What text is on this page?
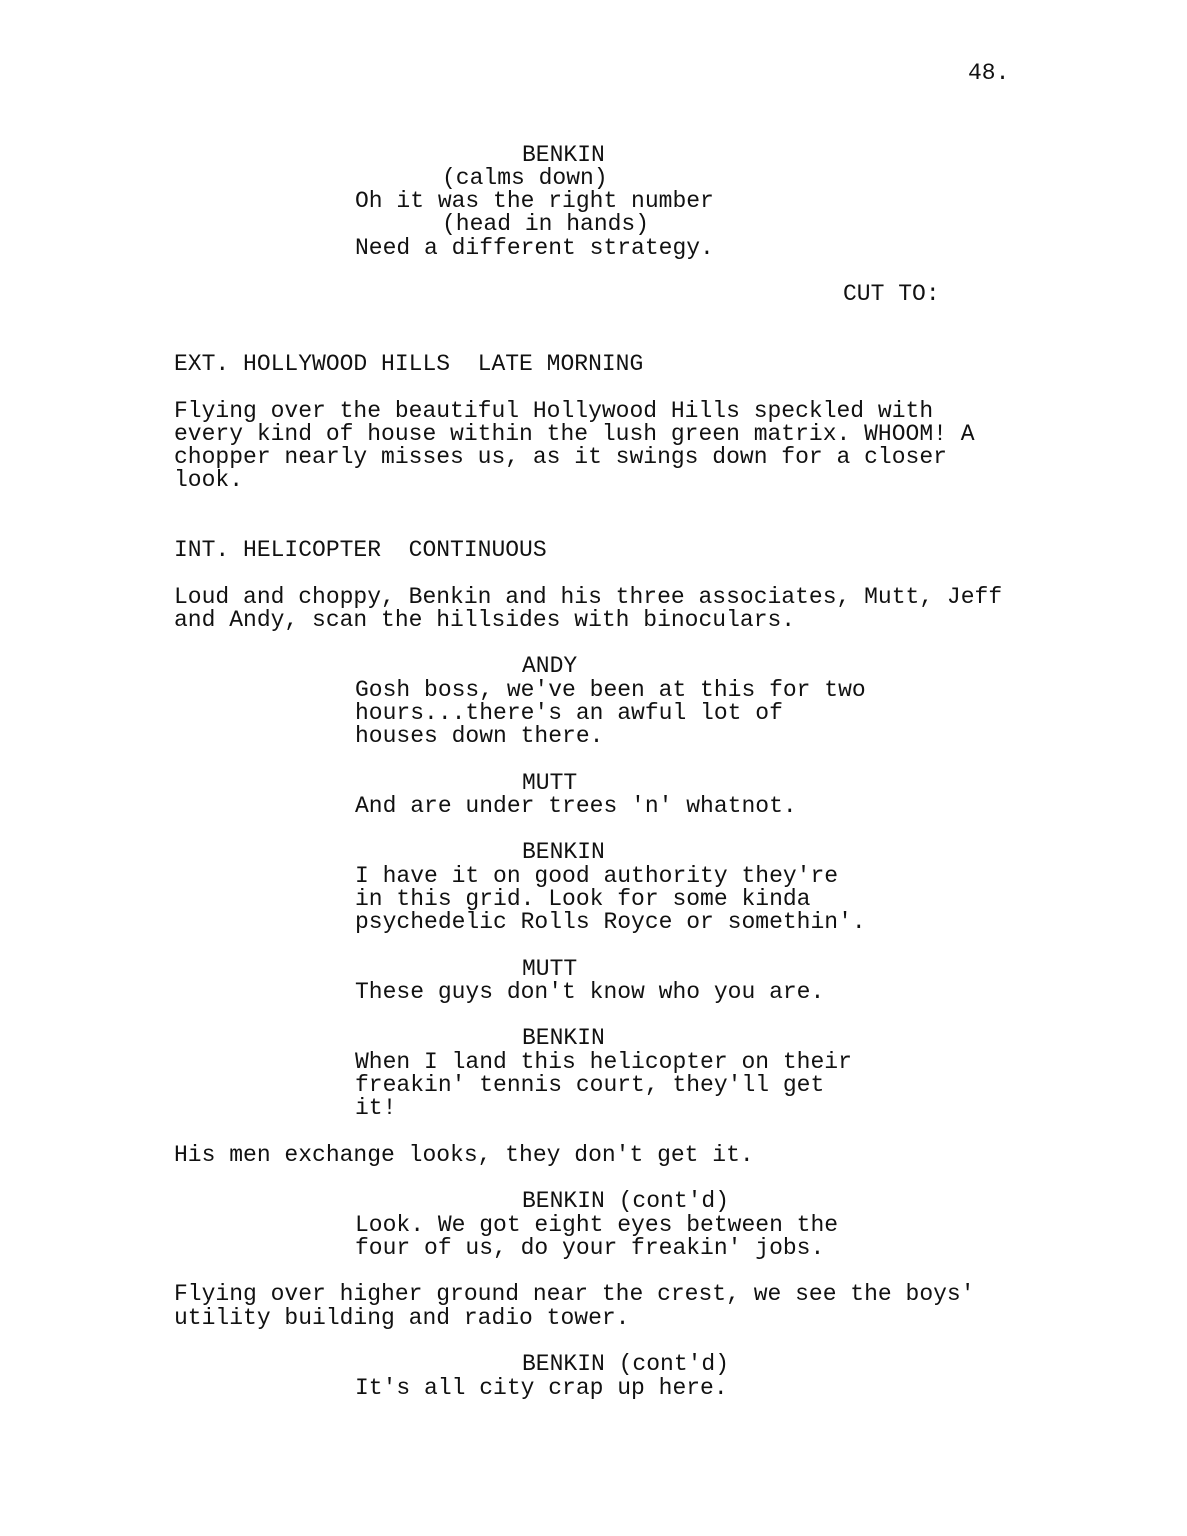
48.
BENKIN
(calms down)
Oh it was the right number
(head in hands)
Need a different strategy.
CUT TO:
EXT. HOLLYWOOD HILLS  LATE MORNING
Flying over the beautiful Hollywood Hills speckled with
every kind of house within the lush green matrix. WHOOM! A
chopper nearly misses us, as it swings down for a closer
look.
INT. HELICOPTER  CONTINUOUS
Loud and choppy, Benkin and his three associates, Mutt, Jeff
and Andy, scan the hillsides with binoculars.
ANDY
Gosh boss, we've been at this for two
hours...there's an awful lot of
houses down there.
MUTT
And are under trees 'n' whatnot.
BENKIN
I have it on good authority they're
in this grid. Look for some kinda
psychedelic Rolls Royce or somethin'.
MUTT
These guys don't know who you are.
BENKIN
When I land this helicopter on their
freakin' tennis court, they'll get
it!
His men exchange looks, they don't get it.
BENKIN (cont'd)
Look. We got eight eyes between the
four of us, do your freakin' jobs.
Flying over higher ground near the crest, we see the boys'
utility building and radio tower.
BENKIN (cont'd)
It's all city crap up here.
